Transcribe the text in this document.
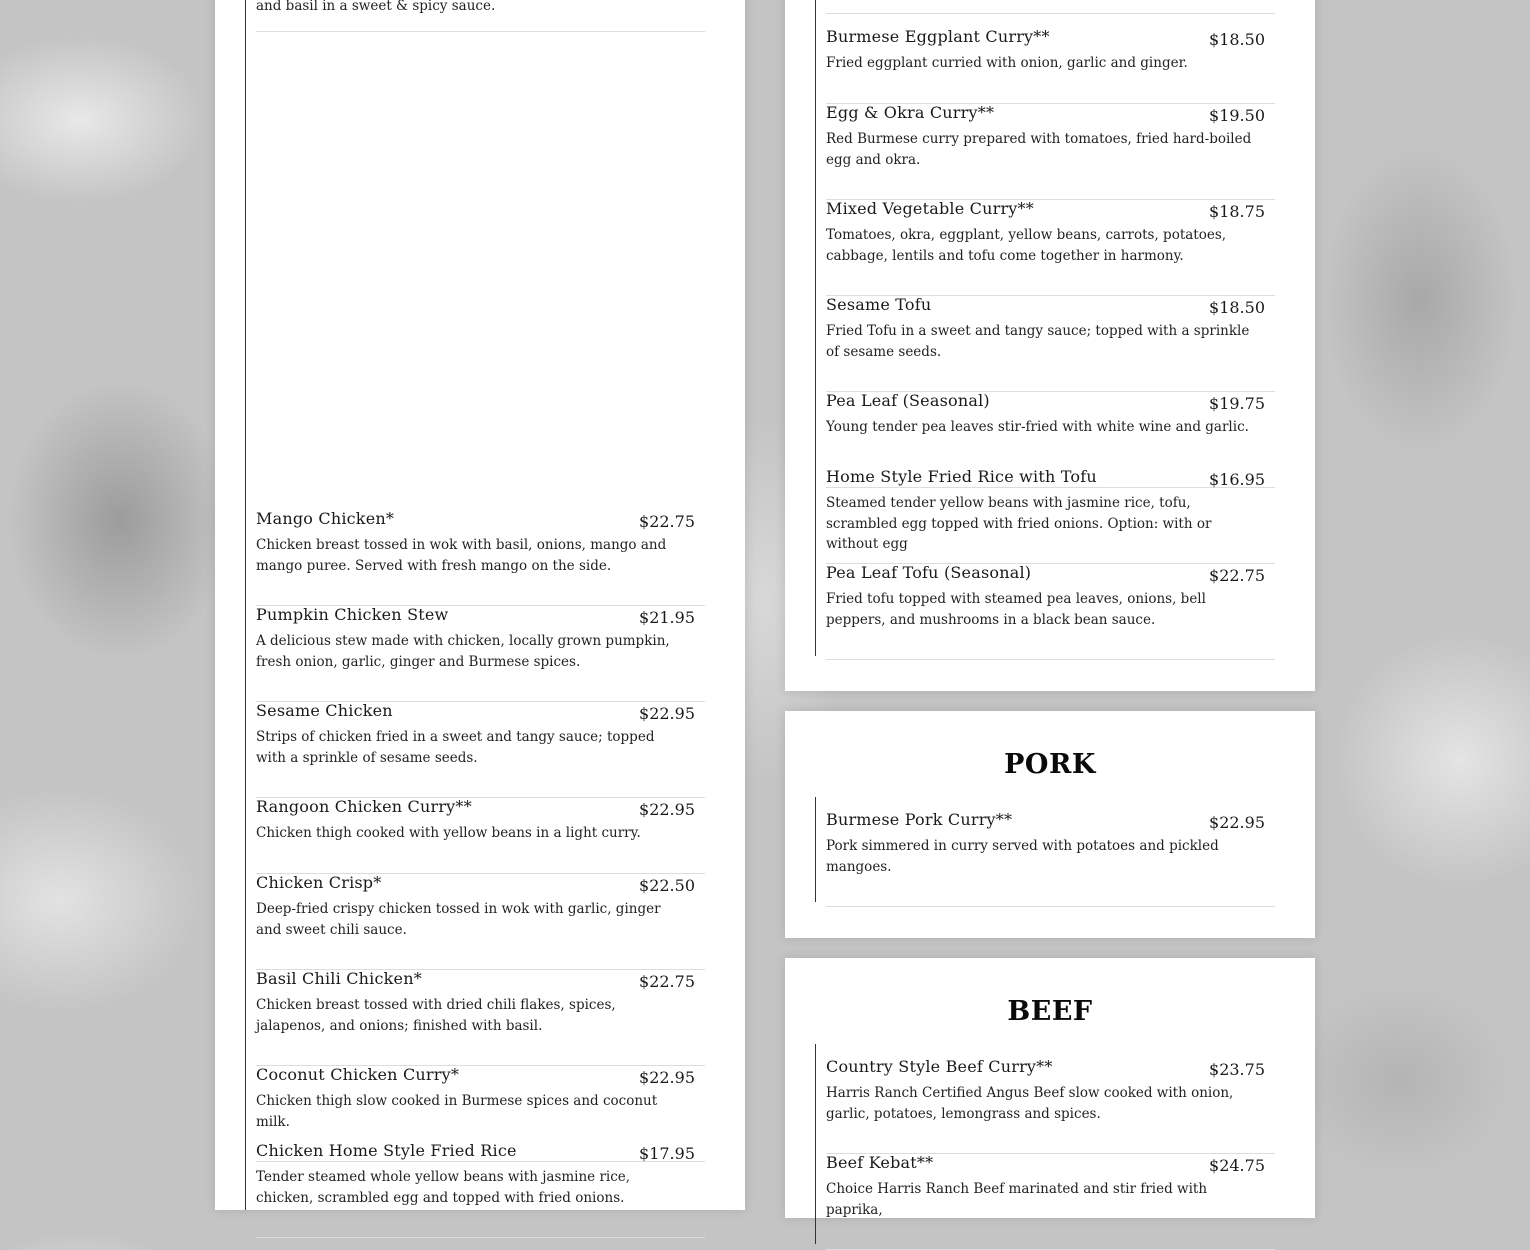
and basil in a sweet & spicy sauce.
Mango Chicken*	$22.75
Chicken breast tossed in wok with basil, onions, mango and mango puree. Served with fresh mango on the side.
Pumpkin Chicken Stew	$21.95
A delicious stew made with chicken, locally grown pumpkin, fresh onion, garlic, ginger and Burmese spices.
Sesame Chicken	$22.95
Strips of chicken fried in a sweet and tangy sauce; topped with a sprinkle of sesame seeds.
Rangoon Chicken Curry**	$22.95
Chicken thigh cooked with yellow beans in a light curry.
Chicken Crisp*	$22.50
Deep-fried crispy chicken tossed in wok with garlic, ginger and sweet chili sauce.
Basil Chili Chicken*	$22.75
Chicken breast tossed with dried chili flakes, spices, jalapenos, and onions; finished with basil.
Coconut Chicken Curry*	$22.95
Chicken thigh slow cooked in Burmese spices and coconut milk.
Chicken Home Style Fried Rice	$17.95
Tender steamed whole yellow beans with jasmine rice, chicken, scrambled egg and topped with fried onions.
Burmese Eggplant Curry**	$18.50
Fried eggplant curried with onion, garlic and ginger.
Egg & Okra Curry**	$19.50
Red Burmese curry prepared with tomatoes, fried hard-boiled egg and okra.
Mixed Vegetable Curry**	$18.75
Tomatoes, okra, eggplant, yellow beans, carrots, potatoes, cabbage, lentils and tofu come together in harmony.
Sesame Tofu	$18.50
Fried Tofu in a sweet and tangy sauce; topped with a sprinkle of sesame seeds.
Pea Leaf (Seasonal)	$19.75
Young tender pea leaves stir-fried with white wine and garlic.
Home Style Fried Rice with Tofu	$16.95
Steamed tender yellow beans with jasmine rice, tofu, scrambled egg topped with fried onions. Option: with or without egg
Pea Leaf Tofu (Seasonal)	$22.75
Fried tofu topped with steamed pea leaves, onions, bell peppers, and mushrooms in a black bean sauce.
PORK
Burmese Pork Curry**	$22.95
Pork simmered in curry served with potatoes and pickled mangoes.
BEEF
Country Style Beef Curry**	$23.75
Harris Ranch Certified Angus Beef slow cooked with onion, garlic, potatoes, lemongrass and spices.
Beef Kebat**	$24.75
Choice Harris Ranch Beef marinated and stir fried with paprika,
